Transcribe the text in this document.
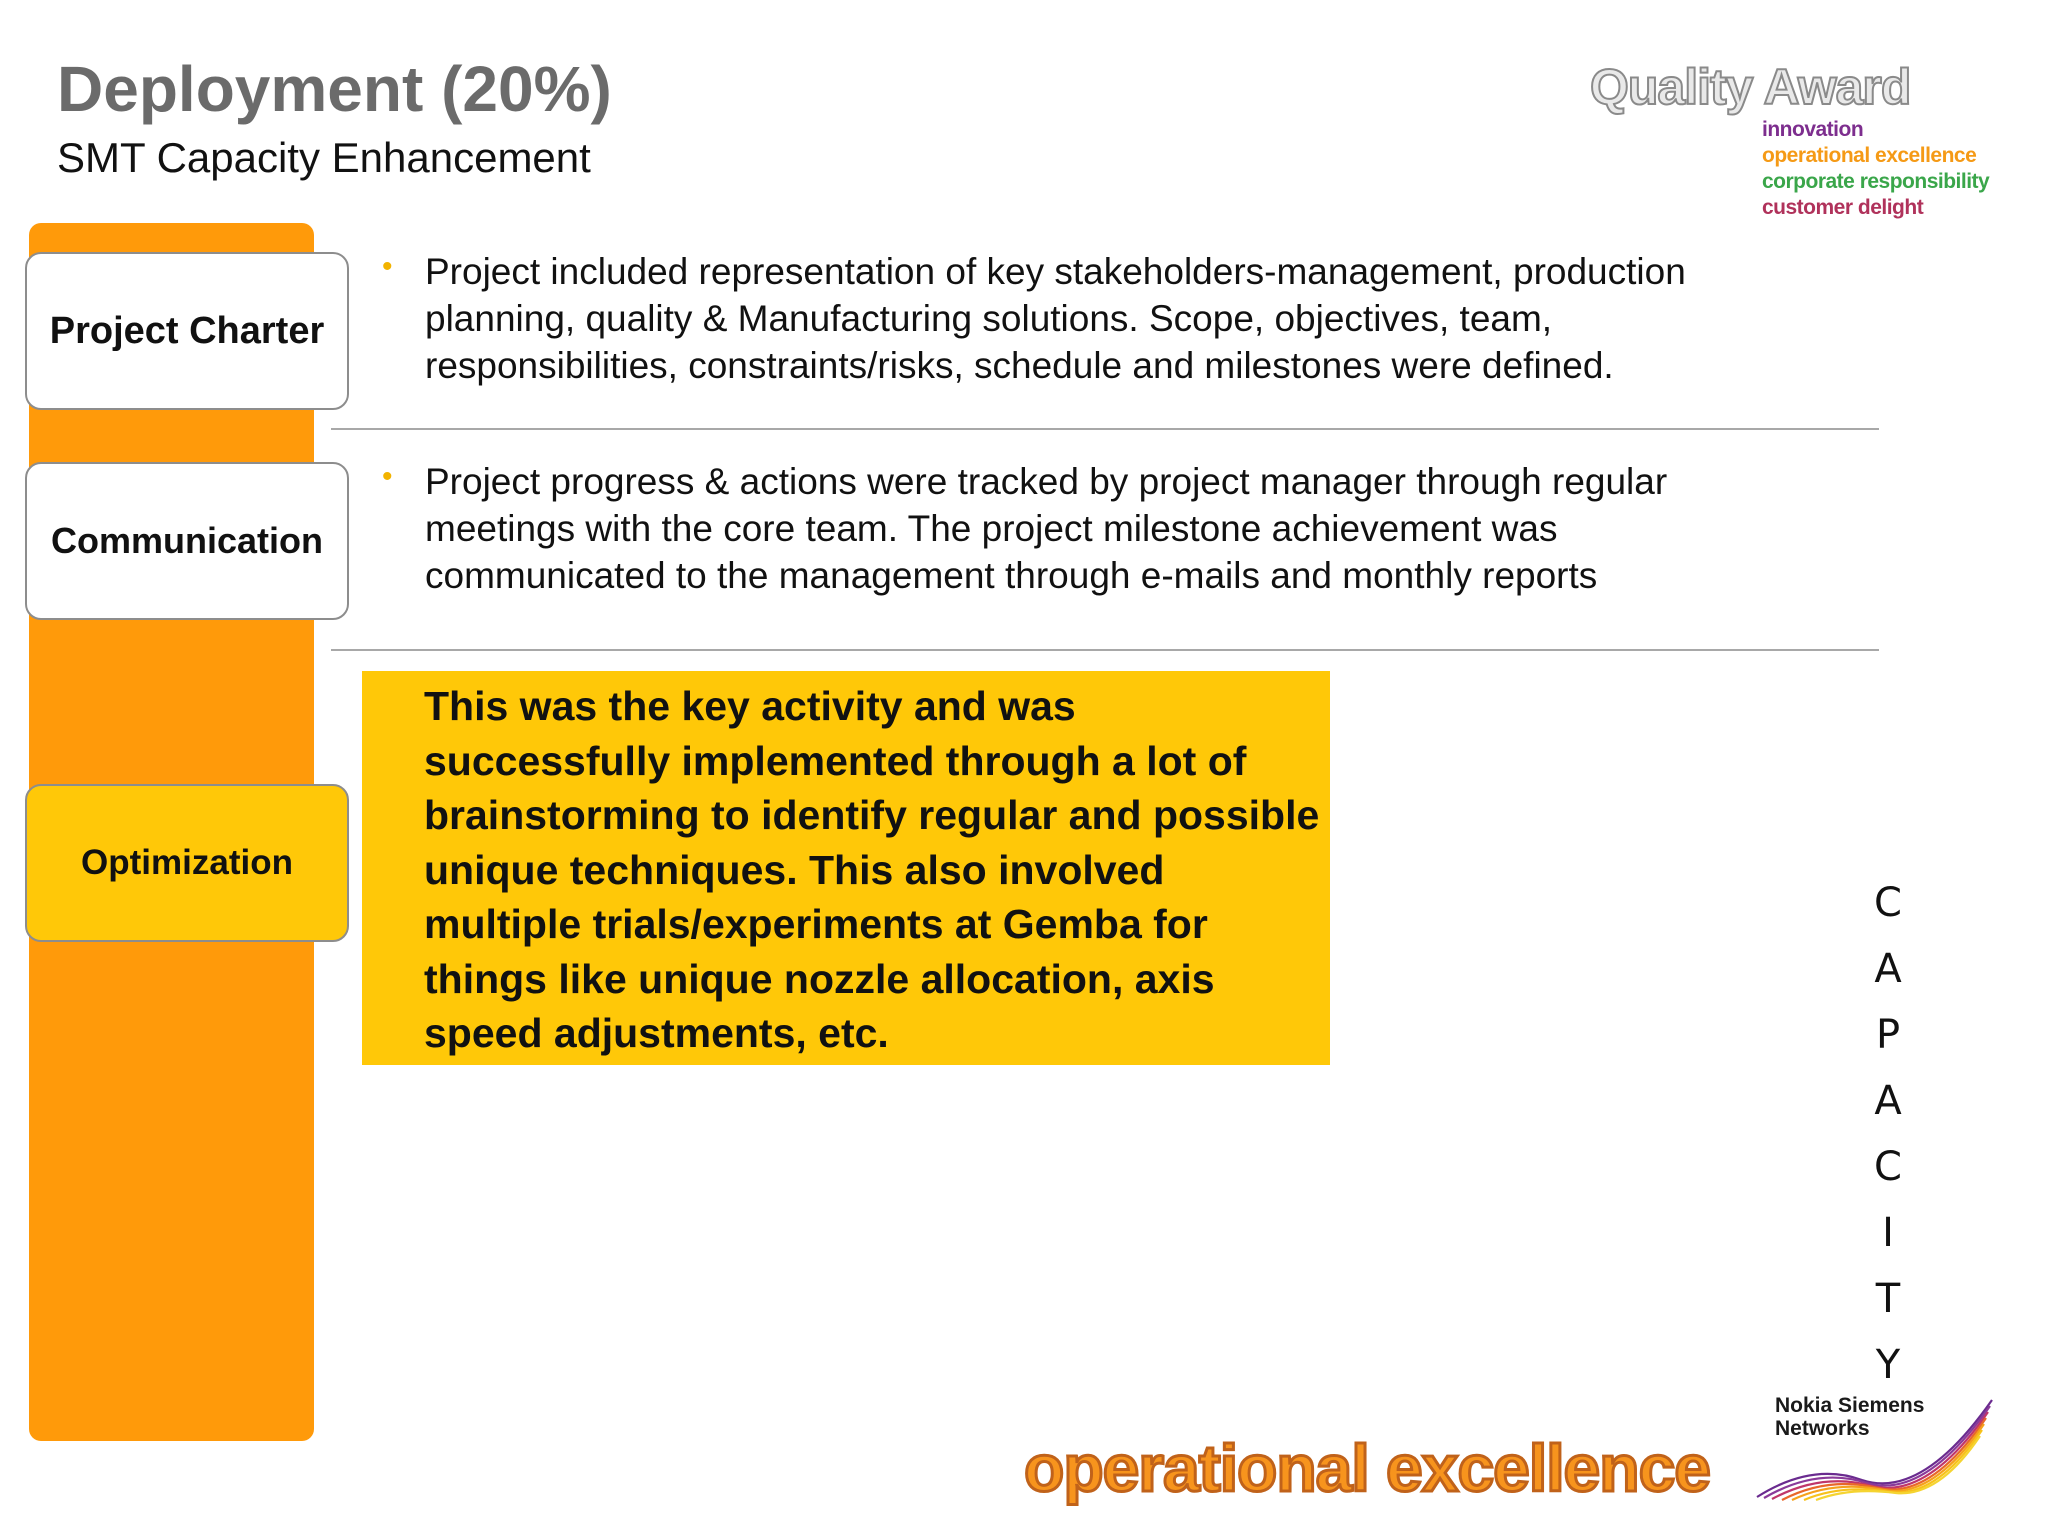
Deployment (20%)
SMT Capacity Enhancement
Quality Award
innovation
operational excellence
corporate responsibility
customer delight
Project Charter
Communication
Optimization
• Project included representation of key stakeholders-management, production planning, quality & Manufacturing solutions. Scope, objectives, team, responsibilities, constraints/risks, schedule and milestones were defined.
• Project progress & actions were tracked by project manager through regular meetings with the core team. The project milestone achievement was communicated to the management through e-mails and monthly reports
This was the key activity and was successfully implemented through a lot of brainstorming to identify regular and possible unique techniques. This also involved multiple trials/experiments at Gemba for things like unique nozzle allocation, axis speed adjustments, etc.
C
A
P
A
C
I
T
Y
Nokia Siemens
Networks
operational excellence
